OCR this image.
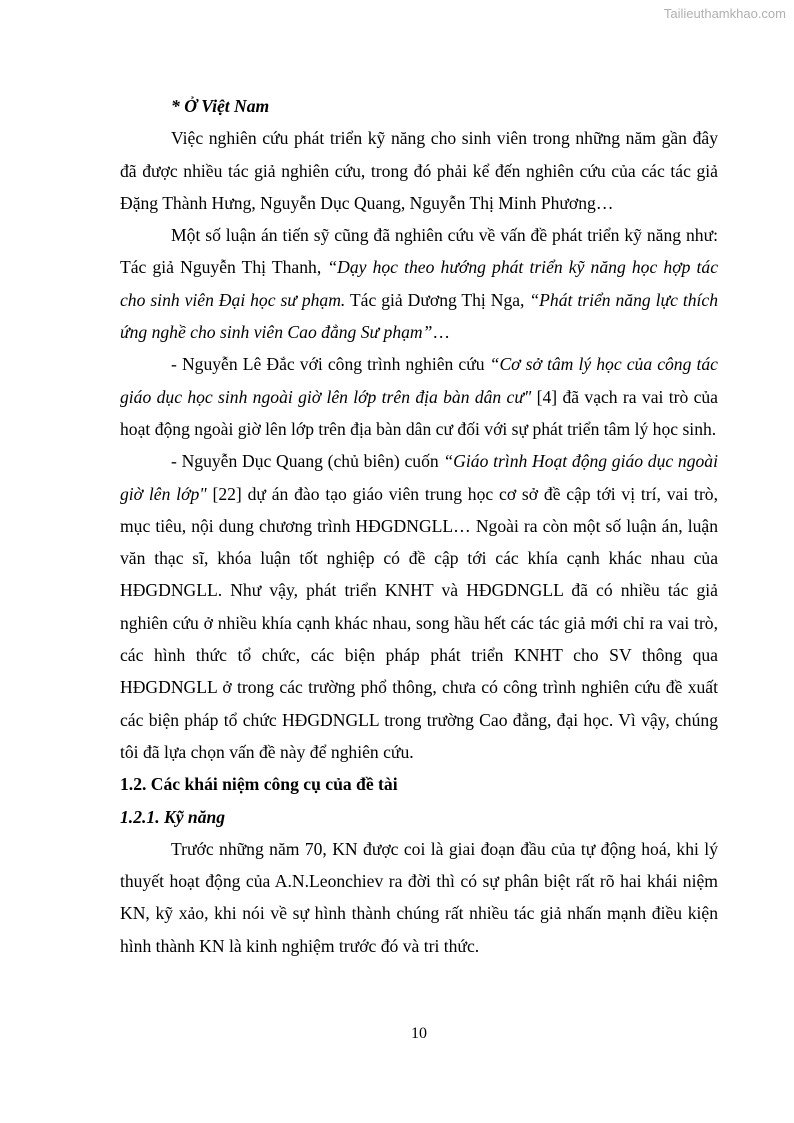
Tailieuthamkhao.com

* Ở Việt Nam

Việc nghiên cứu phát triển kỹ năng cho sinh viên trong những năm gần đây đã được nhiều tác giả nghiên cứu, trong đó phải kể đến nghiên cứu của các tác giả Đặng Thành Hưng, Nguyễn Dục Quang, Nguyễn Thị Minh Phương…

Một số luận án tiến sỹ cũng đã nghiên cứu về vấn đề phát triển kỹ năng như: Tác giả Nguyễn Thị Thanh, “Dạy học theo hướng phát triển kỹ năng học hợp tác cho sinh viên Đại học sư phạm. Tác giả Dương Thị Nga, “Phát triển năng lực thích ứng nghề cho sinh viên Cao đẳng Sư phạm”…

- Nguyễn Lê Đắc với công trình nghiên cứu “Cơ sở tâm lý học của công tác giáo dục học sinh ngoài giờ lên lớp trên địa bàn dân cư" [4] đã vạch ra vai trò của hoạt động ngoài giờ lên lớp trên địa bàn dân cư đối với sự phát triển tâm lý học sinh.

- Nguyễn Dục Quang (chủ biên) cuốn “Giáo trình Hoạt động giáo dục ngoài giờ lên lớp" [22] dự án đào tạo giáo viên trung học cơ sở đề cập tới vị trí, vai trò, mục tiêu, nội dung chương trình HĐGDNGLL… Ngoài ra còn một số luận án, luận văn thạc sĩ, khóa luận tốt nghiệp có đề cập tới các khía cạnh khác nhau của HĐGDNGLL. Như vậy, phát triển KNHT và HĐGDNGLL đã có nhiều tác giả nghiên cứu ở nhiều khía cạnh khác nhau, song hầu hết các tác giả mới chỉ ra vai trò, các hình thức tổ chức, các biện pháp phát triển KNHT cho SV thông qua HĐGDNGLL ở trong các trường phổ thông, chưa có công trình nghiên cứu đề xuất các biện pháp tổ chức HĐGDNGLL trong trường Cao đẳng, đại học. Vì vậy, chúng tôi đã lựa chọn vấn đề này để nghiên cứu.

1.2. Các khái niệm công cụ của đề tài

1.2.1. Kỹ năng

Trước những năm 70, KN được coi là giai đoạn đầu của tự động hoá, khi lý thuyết hoạt động của A.N.Leonchiev ra đời thì có sự phân biệt rất rõ hai khái niệm KN, kỹ xảo, khi nói về sự hình thành chúng rất nhiều tác giả nhấn mạnh điều kiện hình thành KN là kinh nghiệm trước đó và tri thức.

10
